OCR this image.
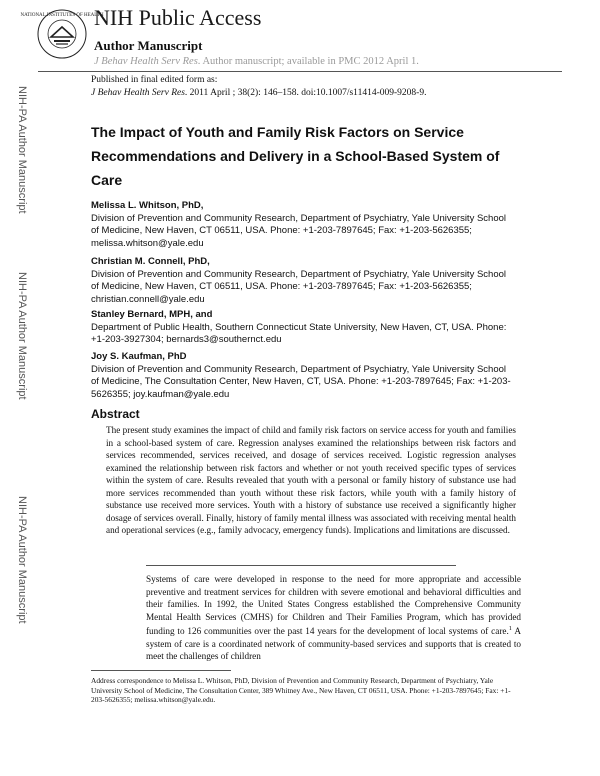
NATIONAL INSTITUTES OF HEALTH
NIH Public Access
Author Manuscript
J Behav Health Serv Res. Author manuscript; available in PMC 2012 April 1.
Published in final edited form as:
J Behav Health Serv Res. 2011 April ; 38(2): 146–158. doi:10.1007/s11414-009-9208-9.
NIH-PA Author Manuscript
NIH-PA Author Manuscript
NIH-PA Author Manuscript
The Impact of Youth and Family Risk Factors on Service Recommendations and Delivery in a School-Based System of Care
Melissa L. Whitson, PhD,
Division of Prevention and Community Research, Department of Psychiatry, Yale University School of Medicine, New Haven, CT 06511, USA. Phone: +1-203-7897645; Fax: +1-203-5626355; melissa.whitson@yale.edu
Christian M. Connell, PhD,
Division of Prevention and Community Research, Department of Psychiatry, Yale University School of Medicine, New Haven, CT 06511, USA. Phone: +1-203-7897645; Fax: +1-203-5626355; christian.connell@yale.edu
Stanley Bernard, MPH, and
Department of Public Health, Southern Connecticut State University, New Haven, CT, USA. Phone: +1-203-3927304; bernards3@southernct.edu
Joy S. Kaufman, PhD
Division of Prevention and Community Research, Department of Psychiatry, Yale University School of Medicine, The Consultation Center, New Haven, CT, USA. Phone: +1-203-7897645; Fax: +1-203-5626355; joy.kaufman@yale.edu
Abstract
The present study examines the impact of child and family risk factors on service access for youth and families in a school-based system of care. Regression analyses examined the relationships between risk factors and services recommended, services received, and dosage of services received. Logistic regression analyses examined the relationship between risk factors and whether or not youth received specific types of services within the system of care. Results revealed that youth with a personal or family history of substance use had more services recommended than youth without these risk factors, while youth with a family history of substance use received more services. Youth with a history of substance use received a significantly higher dosage of services overall. Finally, history of family mental illness was associated with receiving mental health and operational services (e.g., family advocacy, emergency funds). Implications and limitations are discussed.
Systems of care were developed in response to the need for more appropriate and accessible preventive and treatment services for children with severe emotional and behavioral difficulties and their families. In 1992, the United States Congress established the Comprehensive Community Mental Health Services (CMHS) for Children and Their Families Program, which has provided funding to 126 communities over the past 14 years for the development of local systems of care.$^1$ A system of care is a coordinated network of community-based services and supports that is created to meet the challenges of children
Address correspondence to Melissa L. Whitson, PhD, Division of Prevention and Community Research, Department of Psychiatry, Yale University School of Medicine, The Consultation Center, 389 Whitney Ave., New Haven, CT 06511, USA. Phone: +1-203-7897645; Fax: +1-203-5626355; melissa.whitson@yale.edu.
